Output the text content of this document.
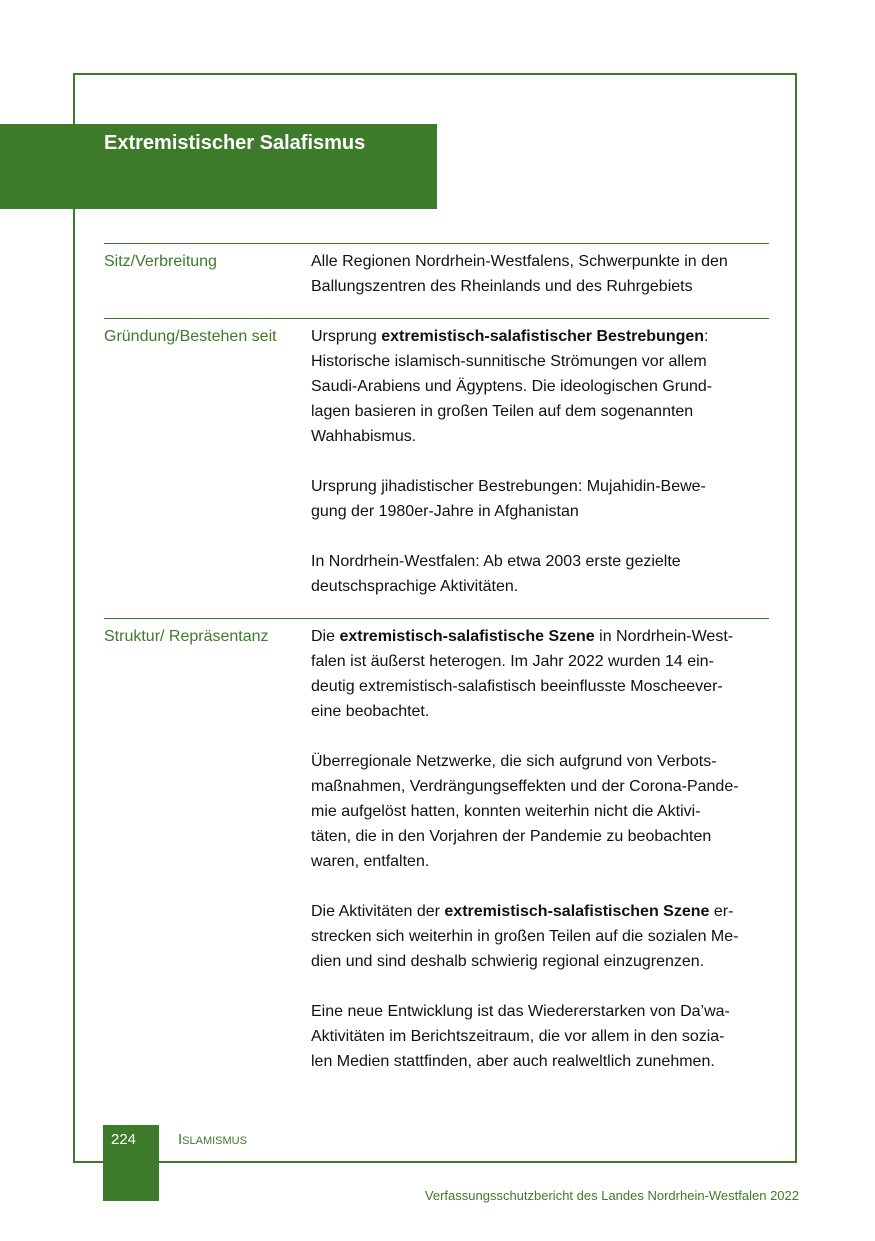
Extremistischer Salafismus
Sitz/Verbreitung	Alle Regionen Nordrhein-Westfalens, Schwerpunkte in den
Ballungszentren des Rheinlands und des Ruhrgebiets

Gründung/Bestehen seit	Ursprung extremistisch-salafistischer Bestrebungen:
Historische islamisch-sunnitische Strömungen vor allem
Saudi-Arabiens und Ägyptens. Die ideologischen Grund-
lagen basieren in großen Teilen auf dem sogenannten
Wahhabismus.

Ursprung jihadistischer Bestrebungen: Mujahidin-Bewe-
gung der 1980er-Jahre in Afghanistan

In Nordrhein-Westfalen: Ab etwa 2003 erste gezielte
deutschsprachige Aktivitäten.

Struktur/ Repräsentanz	Die extremistisch-salafistische Szene in Nordrhein-West-
falen ist äußerst heterogen. Im Jahr 2022 wurden 14 ein-
deutig extremistisch-salafistisch beeinflusste Moscheever-
eine beobachtet.

Überregionale Netzwerke, die sich aufgrund von Verbots-
maßnahmen, Verdrängungseffekten und der Corona-Pande-
mie aufgelöst hatten, konnten weiterhin nicht die Aktivi-
täten, die in den Vorjahren der Pandemie zu beobachten
waren, entfalten.

Die Aktivitäten der extremistisch-salafistischen Szene er-
strecken sich weiterhin in großen Teilen auf die sozialen Me-
dien und sind deshalb schwierig regional einzugrenzen.

Eine neue Entwicklung ist das Wiedererstarken von Da’wa-
Aktivitäten im Berichtszeitraum, die vor allem in den sozia-
len Medien stattfinden, aber auch realweltlich zunehmen.

224	ISLAMISMUS
Verfassungsschutzbericht des Landes Nordrhein-Westfalen 2022
